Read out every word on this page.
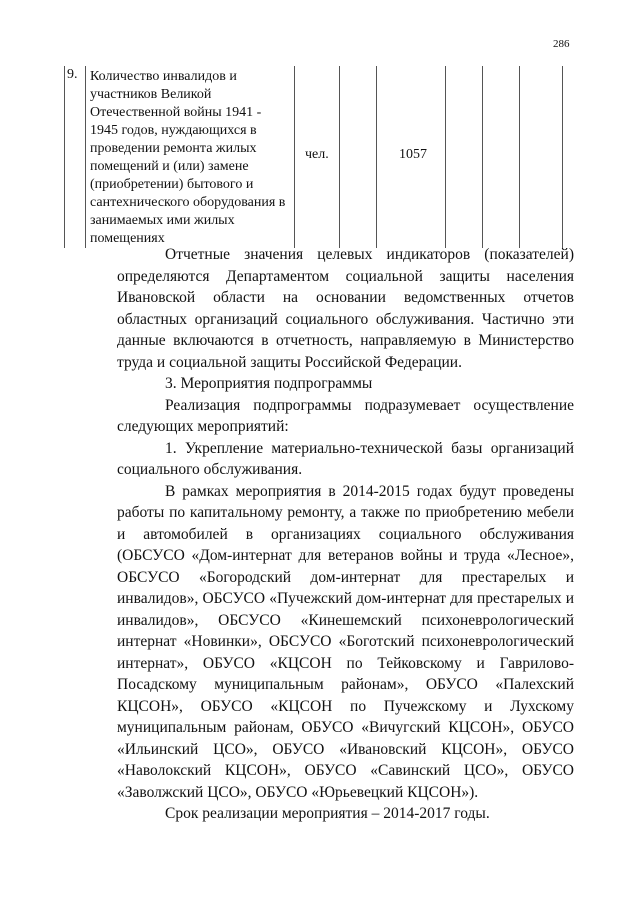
286
9.	Количество инвалидов и участников Великой Отечественной войны 1941 - 1945 годов, нуждающихся в проведении ремонта жилых помещений и (или) замене (приобретении) бытового и сантехнического оборудования в занимаемых ими жилых помещениях	чел.		1057			

Отчетные значения целевых индикаторов (показателей) определяются Департаментом социальной защиты населения Ивановской области на основании ведомственных отчетов областных организаций социального обслуживания. Частично эти данные включаются в отчетность, направляемую в Министерство труда и социальной защиты Российской Федерации.

3. Мероприятия подпрограммы

Реализация подпрограммы подразумевает осуществление следующих мероприятий:

1. Укрепление материально-технической базы организаций социального обслуживания.

В рамках мероприятия в 2014-2015 годах будут проведены работы по капитальному ремонту, а также по приобретению мебели и автомобилей в организациях социального обслуживания (ОБСУСО «Дом-интернат для ветеранов войны и труда «Лесное», ОБСУСО «Богородский дом-интернат для престарелых и инвалидов», ОБСУСО «Пучежский дом-интернат для престарелых и инвалидов», ОБСУСО «Кинешемский психоневрологический интернат «Новинки», ОБСУСО «Боготский психоневрологический интернат», ОБУСО «КЦСОН по Тейковскому и Гаврилово-Посадскому муниципальным районам», ОБУСО «Палехский КЦСОН», ОБУСО «КЦСОН по Пучежскому и Лухскому муниципальным районам, ОБУСО «Вичугский КЦСОН», ОБУСО «Ильинский ЦСО», ОБУСО «Ивановский КЦСОН», ОБУСО «Наволокский КЦСОН», ОБУСО «Савинский ЦСО», ОБУСО «Заволжский ЦСО», ОБУСО «Юрьевецкий КЦСОН»).

Срок реализации мероприятия – 2014-2017 годы.
